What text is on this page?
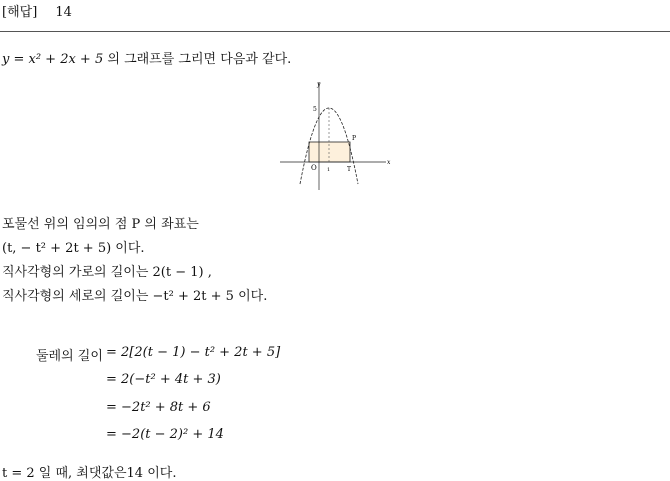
[해답] 14
y = x² + 2x + 5 의 그래프를 그리면 다음과 같다.
y
x
O
5
1
P
T
포물선 위의 임의의 점 P 의 좌표는
(t, − t² + 2t + 5) 이다.
직사각형의 가로의 길이는 2(t − 1) ,
직사각형의 세로의 길이는 −t² + 2t + 5 이다.
둘레의 길이 = 2[2(t − 1) − t² + 2t + 5]
= 2(−t² + 4t + 3)
= −2t² + 8t + 6
= −2(t − 2)² + 14
t = 2 일 때, 최댓값은14 이다.
